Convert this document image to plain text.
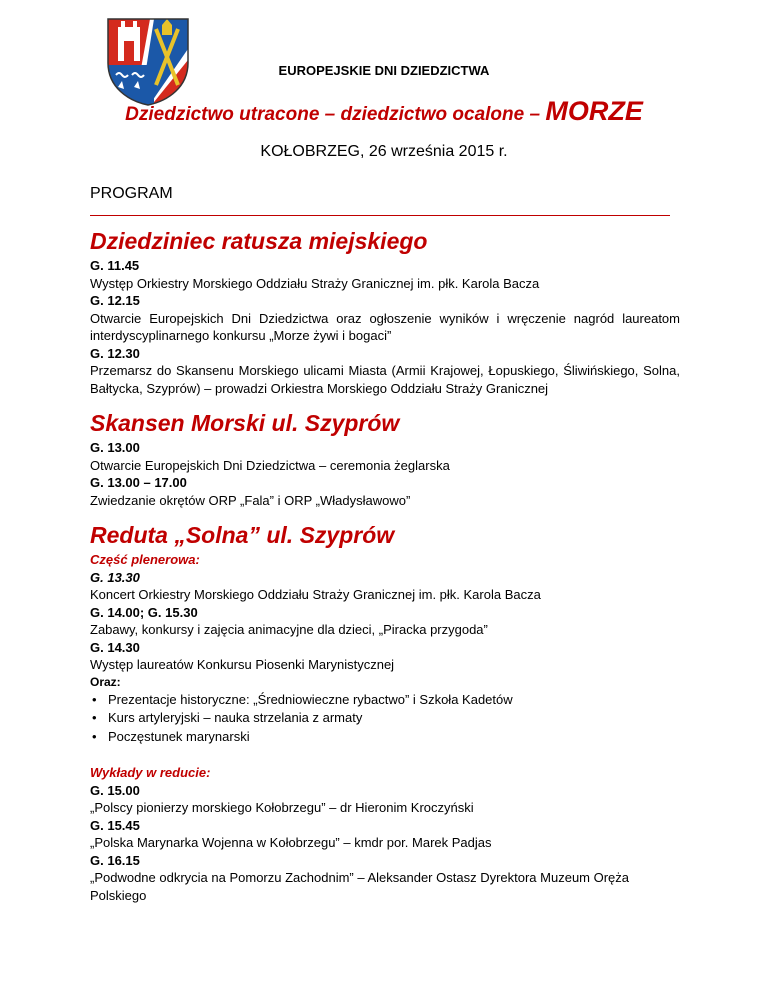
EUROPEJSKIE DNI DZIEDZICTWA
Dziedzictwo utracone – dziedzictwo ocalone – MORZE
KOŁOBRZEG, 26 września 2015 r.
PROGRAM
Dziedziniec ratusza miejskiego
G. 11.45
Występ Orkiestry Morskiego Oddziału Straży Granicznej im. płk. Karola Bacza
G. 12.15
Otwarcie Europejskich Dni Dziedzictwa oraz ogłoszenie wyników i wręczenie nagród laureatom interdyscyplinarnego konkursu „Morze żywi i bogaci”
G. 12.30
Przemarsz do Skansenu Morskiego ulicami Miasta (Armii Krajowej, Łopuskiego, Śliwińskiego, Solna, Bałtycka, Szyprów) – prowadzi Orkiestra Morskiego Oddziału Straży Granicznej
Skansen Morski ul. Szyprów
G. 13.00
Otwarcie Europejskich Dni Dziedzictwa – ceremonia żeglarska
G. 13.00 – 17.00
Zwiedzanie okrętów ORP „Fala” i ORP „Władysławowo”
Reduta „Solna” ul. Szyprów
Część plenerowa:
G. 13.30
Koncert Orkiestry Morskiego Oddziału Straży Granicznej im. płk. Karola Bacza
G. 14.00; G. 15.30
Zabawy, konkursy i zajęcia animacyjne dla dzieci, „Piracka przygoda”
G. 14.30
Występ laureatów Konkursu Piosenki Marynistycznej
Oraz:
• Prezentacje historyczne: „Średniowieczne rybactwo” i Szkoła Kadetów
• Kurs artyleryjski – nauka strzelania z armaty
• Poczęstunek marynarski
Wykłady w reducie:
G. 15.00
„Polscy pionierzy morskiego Kołobrzegu” – dr Hieronim Kroczyński
G. 15.45
„Polska Marynarka Wojenna w Kołobrzegu” – kmdr por. Marek Padjas
G. 16.15
„Podwodne odkrycia na Pomorzu Zachodnim” – Aleksander Ostasz Dyrektora Muzeum Oręża Polskiego
